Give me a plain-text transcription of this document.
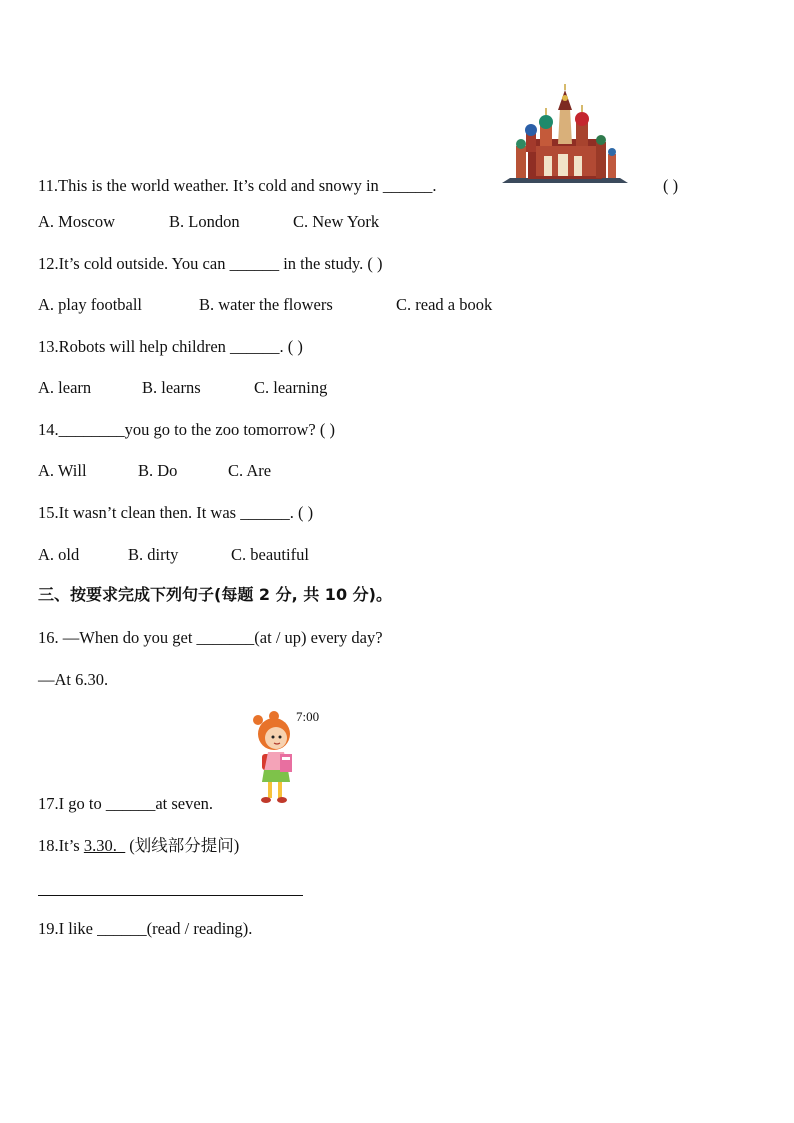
11.This is the world weather. It’s cold and snowy in ______.	( )
A. Moscow	B. London	C. New York
12.It’s cold outside. You can ______ in the study. ( )
A. play football	B. water the flowers	C. read a book
13.Robots will help children ______. ( )
A. learn	B. learns	C. learning
14.________you go to the zoo tomorrow? ( )
A. Will	B. Do	C. Are
15.It wasn’t clean then. It was ______. ( )
A. old	B. dirty	C. beautiful
三、按要求完成下列句子(每题 2 分, 共 10 分)。
16. —When do you get _______(at / up) every day?
—At 6.30.
7:00
17.I go to ______at seven.
18.It’s 3.30._ (划线部分提问)
19.I like ______(read / reading).
